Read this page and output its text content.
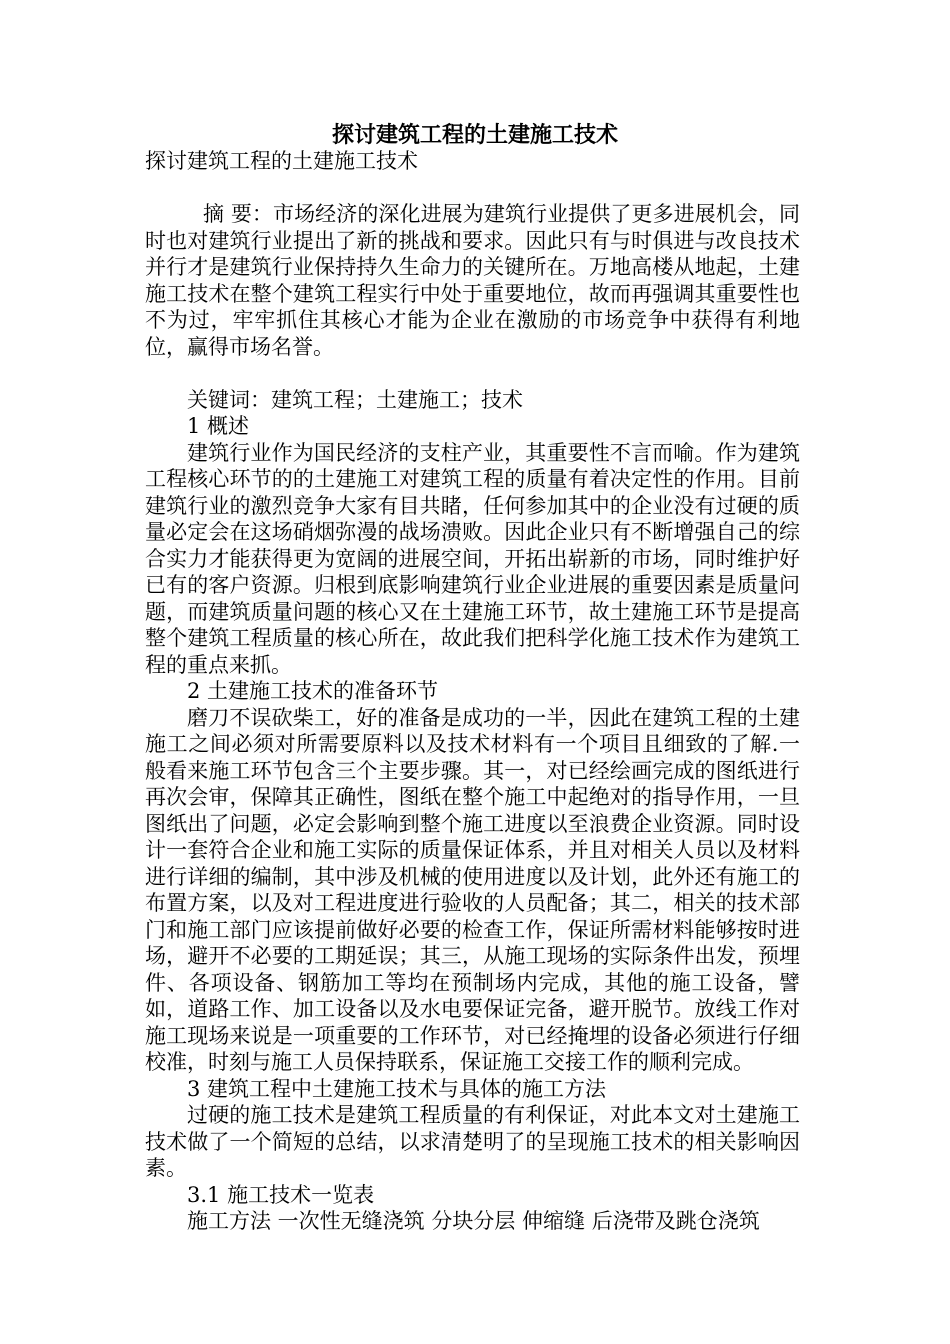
探讨建筑工程的土建施工技术

探讨建筑工程的土建施工技术

摘 要：市场经济的深化进展为建筑行业提供了更多进展机会，同时也对建筑行业提出了新的挑战和要求。因此只有与时俱进与改良技术并行才是建筑行业保持持久生命力的关键所在。万地高楼从地起，土建施工技术在整个建筑工程实行中处于重要地位，故而再强调其重要性也不为过，牢牢抓住其核心才能为企业在激励的市场竞争中获得有利地位，赢得市场名誉。

关键词：建筑工程；土建施工；技术

1 概述

建筑行业作为国民经济的支柱产业，其重要性不言而喻。作为建筑工程核心环节的的土建施工对建筑工程的质量有着决定性的作用。目前建筑行业的激烈竞争大家有目共睹，任何参加其中的企业没有过硬的质量必定会在这场硝烟弥漫的战场溃败。因此企业只有不断增强自己的综合实力才能获得更为宽阔的进展空间，开拓出崭新的市场，同时维护好已有的客户资源。归根到底影响建筑行业企业进展的重要因素是质量问题，而建筑质量问题的核心又在土建施工环节，故土建施工环节是提高整个建筑工程质量的核心所在，故此我们把科学化施工技术作为建筑工程的重点来抓。

2 土建施工技术的准备环节

磨刀不误砍柴工，好的准备是成功的一半，因此在建筑工程的土建施工之间必须对所需要原料以及技术材料有一个项目且细致的了解.一般看来施工环节包含三个主要步骤。其一，对已经绘画完成的图纸进行再次会审，保障其正确性，图纸在整个施工中起绝对的指导作用，一旦图纸出了问题，必定会影响到整个施工进度以至浪费企业资源。同时设计一套符合企业和施工实际的质量保证体系，并且对相关人员以及材料进行详细的编制，其中涉及机械的使用进度以及计划，此外还有施工的布置方案，以及对工程进度进行验收的人员配备；其二，相关的技术部门和施工部门应该提前做好必要的检查工作，保证所需材料能够按时进场，避开不必要的工期延误；其三，从施工现场的实际条件出发，预埋件、各项设备、钢筋加工等均在预制场内完成，其他的施工设备，譬如，道路工作、加工设备以及水电要保证完备，避开脱节。放线工作对施工现场来说是一项重要的工作环节，对已经掩埋的设备必须进行仔细校准，时刻与施工人员保持联系，保证施工交接工作的顺利完成。

3 建筑工程中土建施工技术与具体的施工方法

过硬的施工技术是建筑工程质量的有利保证，对此本文对土建施工技术做了一个简短的总结，以求清楚明了的呈现施工技术的相关影响因素。

3.1 施工技术一览表

施工方法 一次性无缝浇筑 分块分层 伸缩缝 后浇带及跳仓浇筑
